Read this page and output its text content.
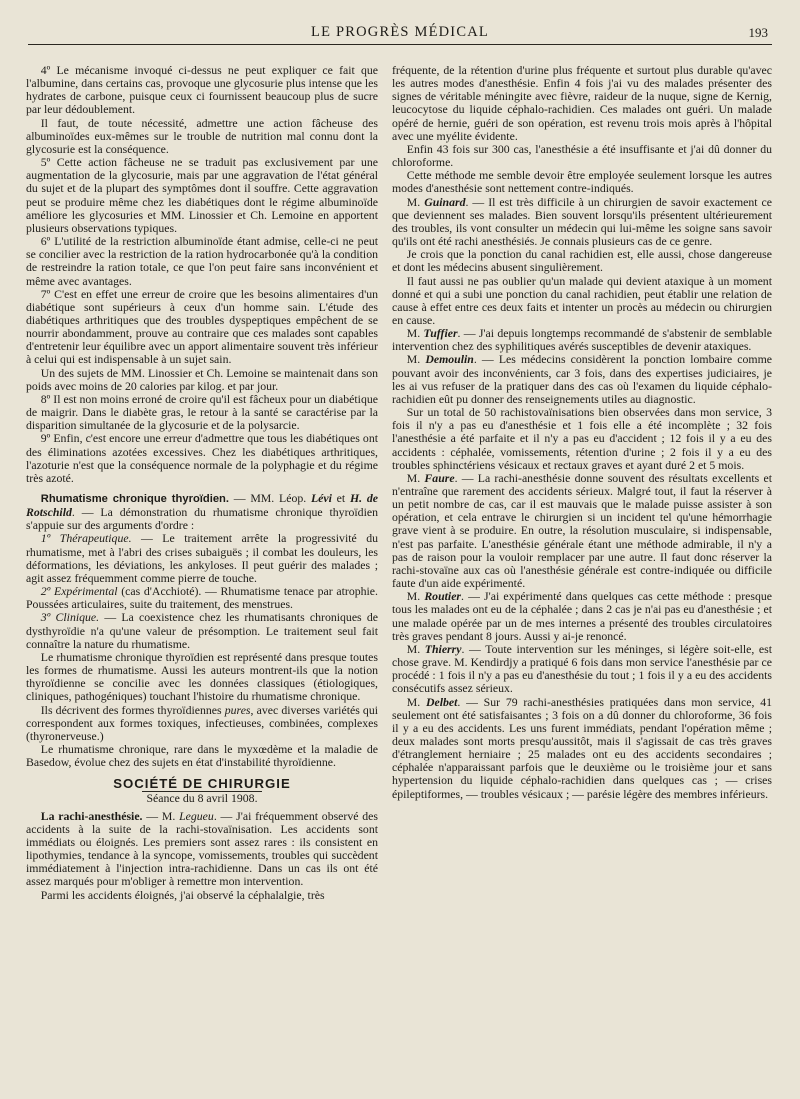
LE PROGRÈS MÉDICAL	193

4º Le mécanisme invoqué ci-dessus ne peut expliquer ce fait que l'albumine, dans certains cas, provoque une glycosurie plus intense que les hydrates de carbone, puisque ceux ci fournissent beaucoup plus de sucre par leur dédoublement.

Il faut, de toute nécessité, admettre une action fâcheuse des albuminoïdes eux-mêmes sur le trouble de nutrition mal connu dont la glycosurie est la conséquence.

5º Cette action fâcheuse ne se traduit pas exclusivement par une augmentation de la glycosurie, mais par une aggravation de l'état général du sujet et de la plupart des symptômes dont il souffre. Cette aggravation peut se produire même chez les diabétiques dont le régime albuminoïde améliore les glycosuries et MM. Linossier et Ch. Lemoine en apportent plusieurs observations typiques.

6º L'utilité de la restriction albuminoïde étant admise, celle-ci ne peut se concilier avec la restriction de la ration hydrocarbonée qu'à la condition de restreindre la ration totale, ce que l'on peut faire sans inconvénient et même avec avantages.

7º C'est en effet une erreur de croire que les besoins alimentaires d'un diabétique sont supérieurs à ceux d'un homme sain. L'étude des diabétiques arthritiques que des troubles dyspeptiques empêchent de se nourrir abondamment, prouve au contraire que ces malades sont capables d'entretenir leur équilibre avec un apport alimentaire souvent très inférieur à celui qui est indispensable à un sujet sain.

Un des sujets de MM. Linossier et Ch. Lemoine se maintenait dans son poids avec moins de 20 calories par kilog. et par jour.

8º Il est non moins erroné de croire qu'il est fâcheux pour un diabétique de maigrir. Dans le diabète gras, le retour à la santé se caractérise par la disparition simultanée de la glycosurie et de la polysarcie.

9º Enfin, c'est encore une erreur d'admettre que tous les diabétiques ont des éliminations azotées excessives. Chez les diabétiques arthritiques, l'azoturie n'est que la conséquence normale de la polyphagie et du régime très azoté.

Rhumatisme chronique thyroïdien. — MM. Léop. Lévi et H. de Rotschild. — La démonstration du rhumatisme chronique thyroïdien s'appuie sur des arguments d'ordre :

1º Thérapeutique. — Le traitement arrête la progressivité du rhumatisme, met à l'abri des crises subaiguës ; il combat les douleurs, les déformations, les déviations, les ankyloses. Il peut guérir des malades ; agit assez fréquemment comme pierre de touche.

2º Expérimental (cas d'Acchioté). — Rhumatisme tenace par atrophie. Poussées articulaires, suite du traitement, des menstrues.

3º Clinique. — La coexistence chez les rhumatisants chroniques de dysthyroïdie n'a qu'une valeur de présomption. Le traitement seul fait connaître la nature du rhumatisme.

Le rhumatisme chronique thyroïdien est représenté dans presque toutes les formes de rhumatisme. Aussi les auteurs montrent-ils que la notion thyroïdienne se concilie avec les données classiques (étiologiques, cliniques, pathogéniques) touchant l'histoire du rhumatisme chronique.

Ils décrivent des formes thyroïdiennes pures, avec diverses variétés qui correspondent aux formes toxiques, infectieuses, combinées, complexes (thyronerveuse.)

Le rhumatisme chronique, rare dans le myxœdème et la maladie de Basedow, évolue chez des sujets en état d'instabilité thyroïdienne.

SOCIÉTÉ DE CHIRURGIE
Séance du 8 avril 1908.

La rachi-anesthésie. — M. Legueu. — J'ai fréquemment observé des accidents à la suite de la rachi-stovaïnisation. Les accidents sont immédiats ou éloignés. Les premiers sont assez rares : ils consistent en lipothymies, tendance à la syncope, vomissements, troubles qui succèdent immédiatement à l'injection intra-rachidienne. Dans un cas ils ont été assez marqués pour m'obliger à remettre mon intervention.

Parmi les accidents éloignés, j'ai observé la céphalalgie, très

fréquente, de la rétention d'urine plus fréquente et surtout plus durable qu'avec les autres modes d'anesthésie. Enfin 4 fois j'ai vu des malades présenter des signes de véritable méningite avec fièvre, raideur de la nuque, signe de Kernig, leucocytose du liquide céphalo-rachidien. Ces malades ont guéri. Un malade opéré de hernie, guéri de son opération, est revenu trois mois après à l'hôpital avec une myélite évidente.

Enfin 43 fois sur 300 cas, l'anesthésie a été insuffisante et j'ai dû donner du chloroforme.

Cette méthode me semble devoir être employée seulement lorsque les autres modes d'anesthésie sont nettement contre-indiqués.

M. Guinard. — Il est très difficile à un chirurgien de savoir exactement ce que deviennent ses malades. Bien souvent lorsqu'ils présentent ultérieurement des troubles, ils vont consulter un médecin qui lui-même les soigne sans savoir qu'ils ont été rachi anesthésiés. Je connais plusieurs cas de ce genre.

Je crois que la ponction du canal rachidien est, elle aussi, chose dangereuse et dont les médecins abusent singulièrement.

Il faut aussi ne pas oublier qu'un malade qui devient ataxique à un moment donné et qui a subi une ponction du canal rachidien, peut établir une relation de cause à effet entre ces deux faits et intenter un procès au médecin ou chirurgien en cause.

M. Tuffier. — J'ai depuis longtemps recommandé de s'abstenir de semblable intervention chez des syphilitiques avérés susceptibles de devenir ataxiques.

M. Demoulin. — Les médecins considèrent la ponction lombaire comme pouvant avoir des inconvénients, car 3 fois, dans des expertises judiciaires, je les ai vus refuser de la pratiquer dans des cas où l'examen du liquide céphalo-rachidien eût pu donner des renseignements utiles au diagnostic.

Sur un total de 50 rachistovaïnisations bien observées dans mon service, 3 fois il n'y a pas eu d'anesthésie et 1 fois elle a été incomplète ; 32 fois l'anesthésie a été parfaite et il n'y a pas eu d'accident ; 12 fois il y a eu des accidents : céphalée, vomissements, rétention d'urine ; 2 fois il y a eu des troubles sphinctériens vésicaux et rectaux graves et ayant duré 2 et 5 mois.

M. Faure. — La rachi-anesthésie donne souvent des résultats excellents et n'entraîne que rarement des accidents sérieux. Malgré tout, il faut la réserver à un petit nombre de cas, car il est mauvais que le malade puisse assister à son opération, et cela entrave le chirurgien si un incident tel qu'une hémorrhagie grave vient à se produire. En outre, la résolution musculaire, si indispensable, n'est pas parfaite. L'anesthésie générale étant une méthode admirable, il n'y a pas de raison pour la vouloir remplacer par une autre. Il faut donc réserver la rachi-stovaïne aux cas où l'anesthésie générale est contre-indiquée ou difficile faute d'un aide expérimenté.

M. Routier. — J'ai expérimenté dans quelques cas cette méthode : presque tous les malades ont eu de la céphalée ; dans 2 cas je n'ai pas eu d'anesthésie ; et une malade opérée par un de mes internes a présenté des troubles circulatoires très graves pendant 8 jours. Aussi y ai-je renoncé.

M. Thierry. — Toute intervention sur les méninges, si légère soit-elle, est chose grave. M. Kendirdjy a pratiqué 6 fois dans mon service l'anesthésie par ce procédé : 1 fois il n'y a pas eu d'anesthésie du tout ; 1 fois il y a eu des accidents consécutifs assez sérieux.

M. Delbet. — Sur 79 rachi-anesthésies pratiquées dans mon service, 41 seulement ont été satisfaisantes ; 3 fois on a dû donner du chloroforme, 36 fois il y a eu des accidents. Les uns furent immédiats, pendant l'opération même ; deux malades sont morts presqu'aussitôt, mais il s'agissait de cas très graves d'étranglement herniaire ; 25 malades ont eu des accidents secondaires ; céphalée n'apparaissant parfois que le deuxième ou le troisième jour et sans hypertension du liquide céphalo-rachidien dans quelques cas ; — crises épileptiformes, — troubles vésicaux ; — parésie légère des membres inférieurs.
